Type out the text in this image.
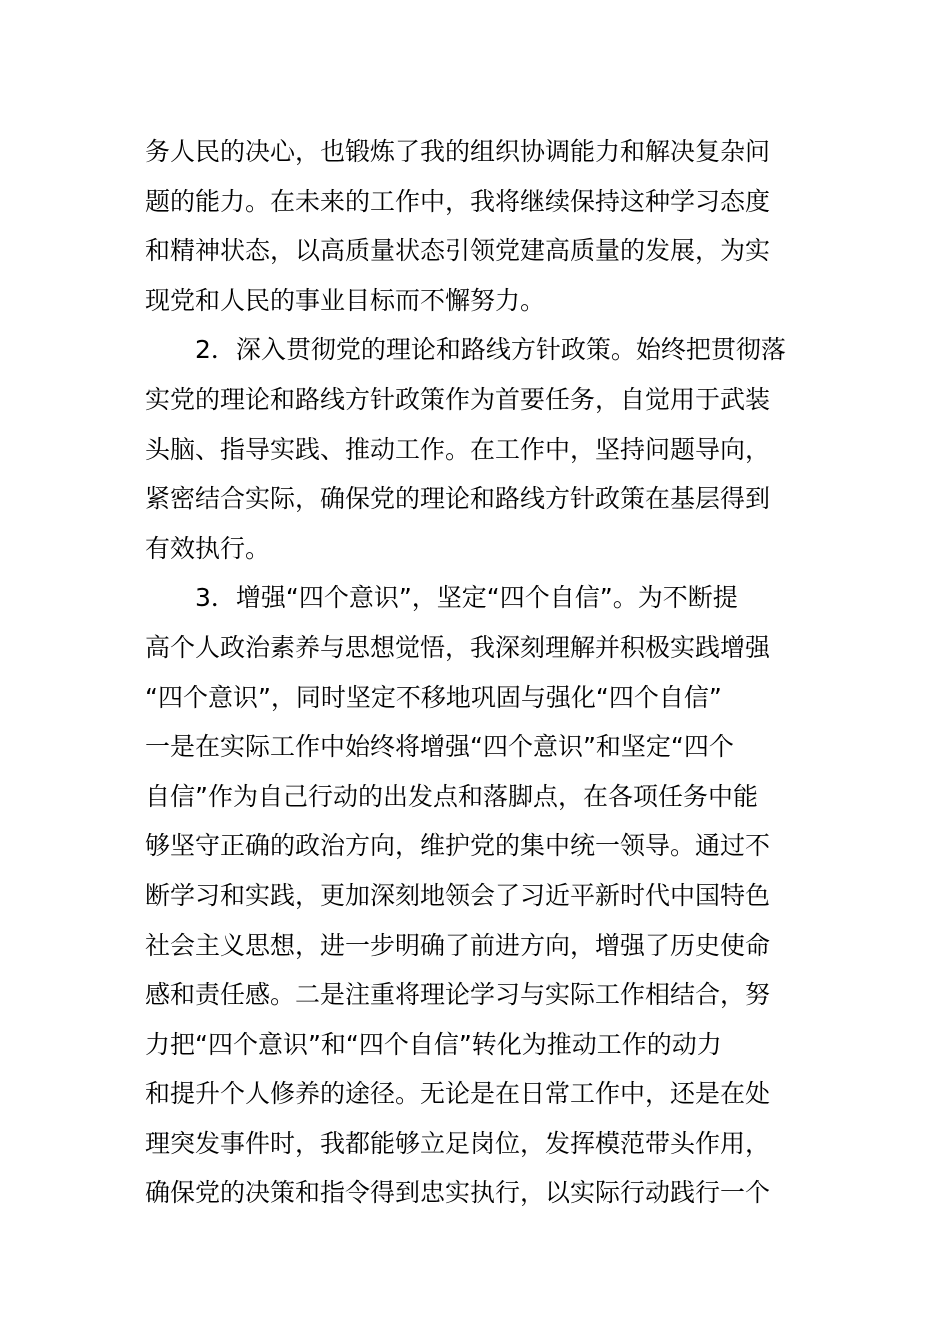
务人民的决心，也锻炼了我的组织协调能力和解决复杂问
题的能力。在未来的工作中，我将继续保持这种学习态度
和精神状态，以高质量状态引领党建高质量的发展，为实
现党和人民的事业目标而不懈努力。
2．深入贯彻党的理论和路线方针政策。始终把贯彻落
实党的理论和路线方针政策作为首要任务，自觉用于武装
头脑、指导实践、推动工作。在工作中，坚持问题导向，
紧密结合实际，确保党的理论和路线方针政策在基层得到
有效执行。
3．增强“四个意识”，坚定“四个自信”。为不断提
高个人政治素养与思想觉悟，我深刻理解并积极实践增强
“四个意识”，同时坚定不移地巩固与强化“四个自信”
一是在实际工作中始终将增强“四个意识”和坚定“四个
自信”作为自己行动的出发点和落脚点，在各项任务中能
够坚守正确的政治方向，维护党的集中统一领导。通过不
断学习和实践，更加深刻地领会了习近平新时代中国特色
社会主义思想，进一步明确了前进方向，增强了历史使命
感和责任感。二是注重将理论学习与实际工作相结合，努
力把“四个意识”和“四个自信”转化为推动工作的动力
和提升个人修养的途径。无论是在日常工作中，还是在处
理突发事件时，我都能够立足岗位，发挥模范带头作用，
确保党的决策和指令得到忠实执行，以实际行动践行一个
